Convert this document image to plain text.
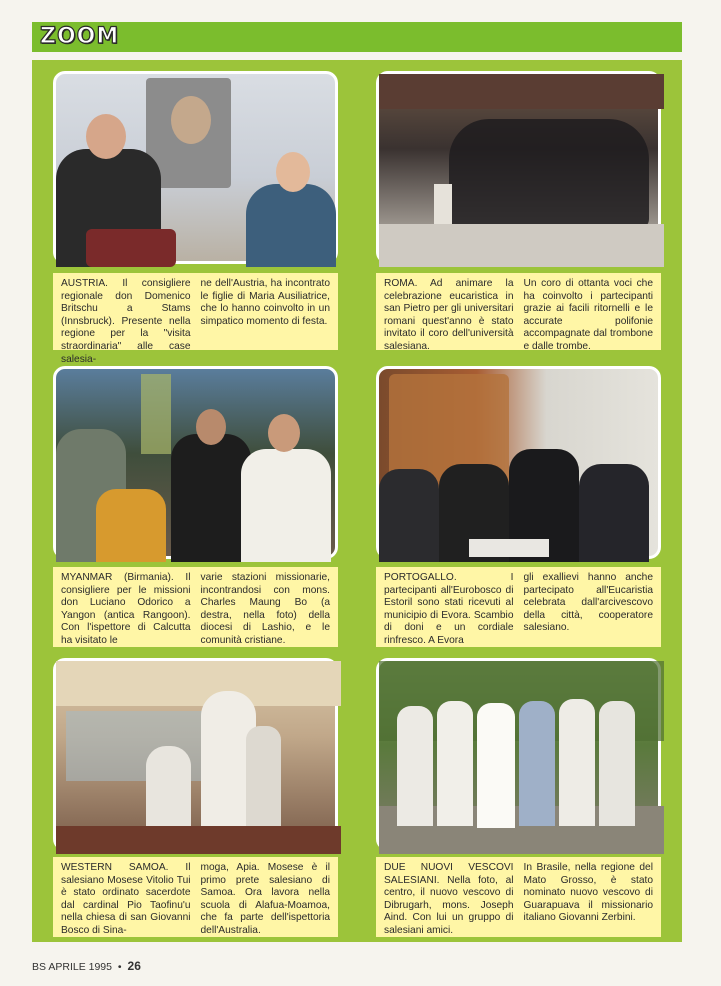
ZOOM
AUSTRIA. Il consigliere regionale don Domenico Britschu a Stams (Innsbruck). Presente nella regione per la "visita straordinaria" alle case salesia-
ne dell'Austria, ha incontrato le figlie di Maria Ausiliatrice, che lo hanno coinvolto in un simpatico momento di festa.
ROMA. Ad animare la celebrazione eucaristica in san Pietro per gli universitari romani quest'anno è stato invitato il coro dell'università salesiana.
Un coro di ottanta voci che ha coinvolto i partecipanti grazie ai facili ritornelli e le accurate polifonie accompagnate dal trombone e dalle trombe.
MYANMAR (Birmania). Il consigliere per le missioni don Luciano Odorico a Yangon (antica Rangoon). Con l'ispettore di Calcutta ha visitato le
varie stazioni missionarie, incontrandosi con mons. Charles Maung Bo (a destra, nella foto) della diocesi di Lashio, e le comunità cristiane.
PORTOGALLO. I partecipanti all'Eurobosco di Estoril sono stati ricevuti al municipio di Evora. Scambio di doni e un cordiale rinfresco. A Evora
gli exallievi hanno anche partecipato all'Eucaristia celebrata dall'arcivescovo della città, cooperatore salesiano.
WESTERN SAMOA. Il salesiano Mosese Vitolio Tui è stato ordinato sacerdote dal cardinal Pio Taofinu'u nella chiesa di san Giovanni Bosco di Sina-
moga, Apia. Mosese è il primo prete salesiano di Samoa. Ora lavora nella scuola di Alafua-Moamoa, che fa parte dell'ispettoria dell'Australia.
DUE NUOVI VESCOVI SALESIANI. Nella foto, al centro, il nuovo vescovo di Dibrugarh, mons. Joseph Aind. Con lui un gruppo di salesiani amici.
In Brasile, nella regione del Mato Grosso, è stato nominato nuovo vescovo di Guarapuava il missionario italiano Giovanni Zerbini.
BS APRILE 1995 • 26
